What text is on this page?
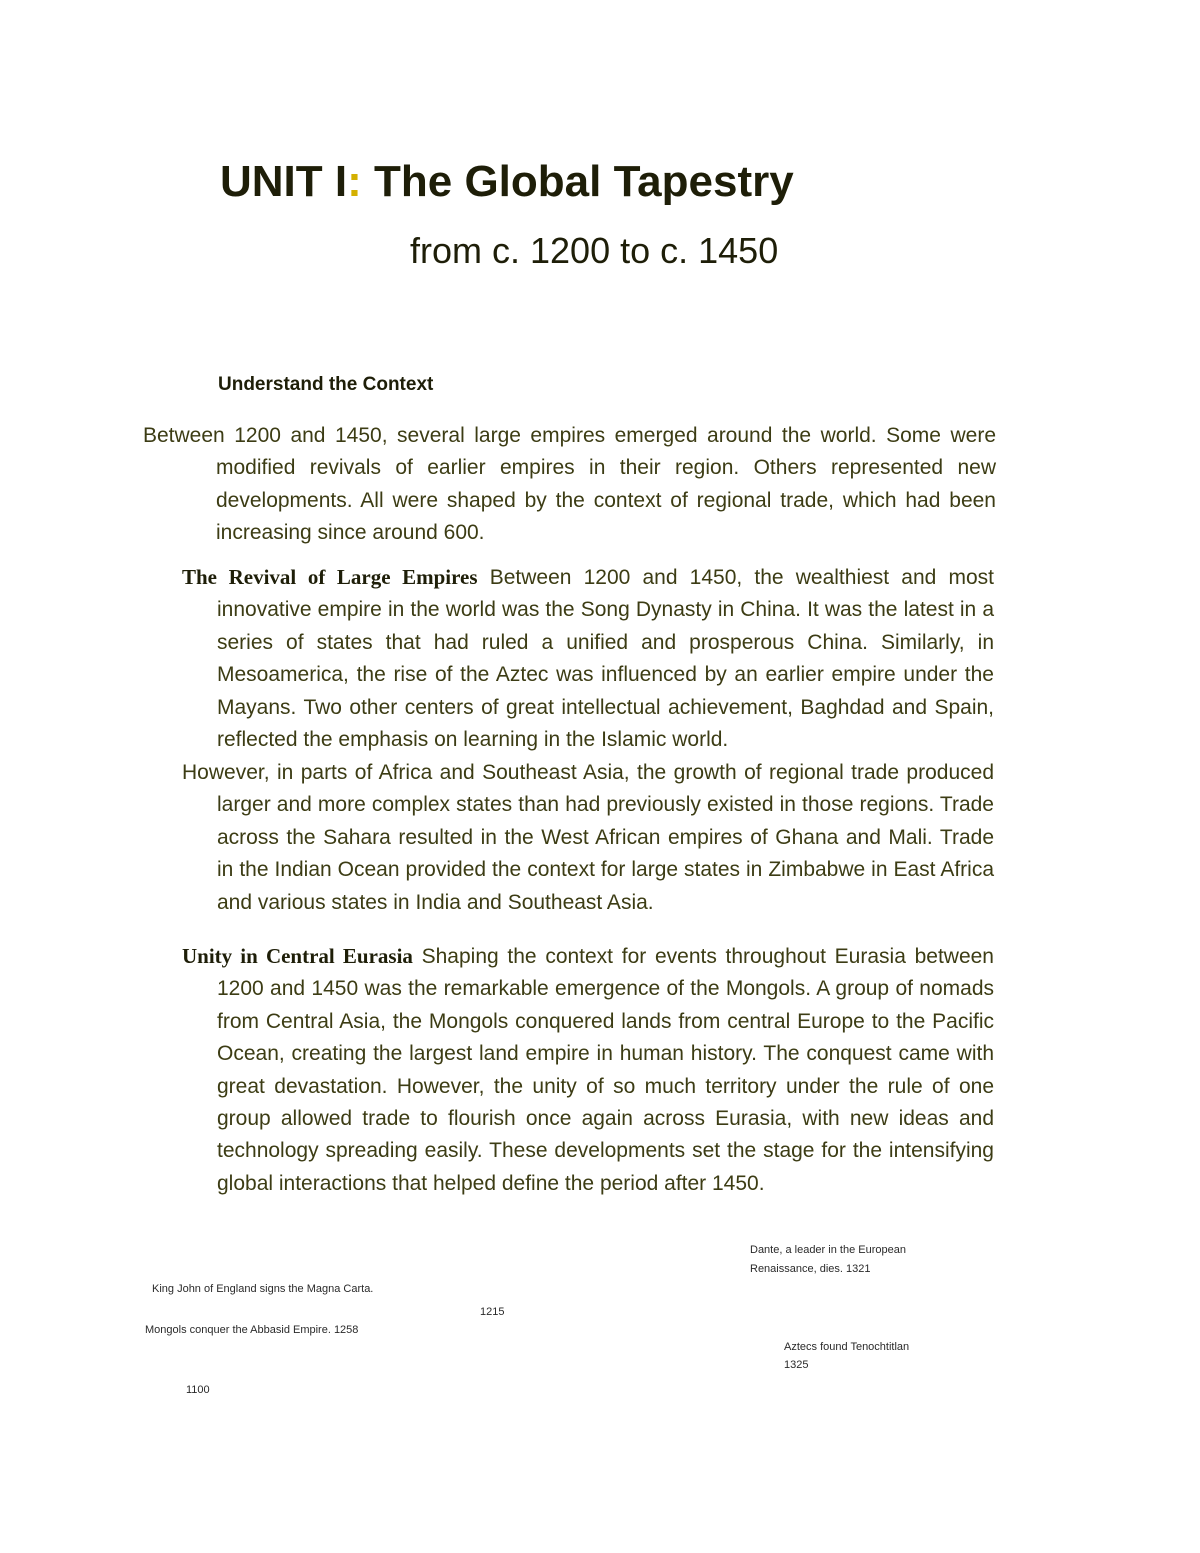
UNIT I: The Global Tapestry
from c. 1200 to c. 1450
Understand the Context

Between 1200 and 1450, several large empires emerged around the world. Some were modified revivals of earlier empires in their region. Others represented new developments. All were shaped by the context of regional trade, which had been increasing since around 600.

The Revival of Large Empires Between 1200 and 1450, the wealthiest and most innovative empire in the world was the Song Dynasty in China. It was the latest in a series of states that had ruled a unified and prosperous China. Similarly, in Mesoamerica, the rise of the Aztec was influenced by an earlier empire under the Mayans. Two other centers of great intellectual achievement, Baghdad and Spain, reflected the emphasis on learning in the Islamic world.

However, in parts of Africa and Southeast Asia, the growth of regional trade produced larger and more complex states than had previously existed in those regions. Trade across the Sahara resulted in the West African empires of Ghana and Mali. Trade in the Indian Ocean provided the context for large states in Zimbabwe in East Africa and various states in India and Southeast Asia.

Unity in Central Eurasia Shaping the context for events throughout Eurasia between 1200 and 1450 was the remarkable emergence of the Mongols. A group of nomads from Central Asia, the Mongols conquered lands from central Europe to the Pacific Ocean, creating the largest land empire in human history. The conquest came with great devastation. However, the unity of so much territory under the rule of one group allowed trade to flourish once again across Eurasia, with new ideas and technology spreading easily. These developments set the stage for the intensifying global interactions that helped define the period after 1450.

Dante, a leader in the European
Renaissance, dies. 1321
King John of England signs the Magna Carta.
1215
Mongols conquer the Abbasid Empire. 1258
Aztecs found Tenochtitlan
1325
1100
